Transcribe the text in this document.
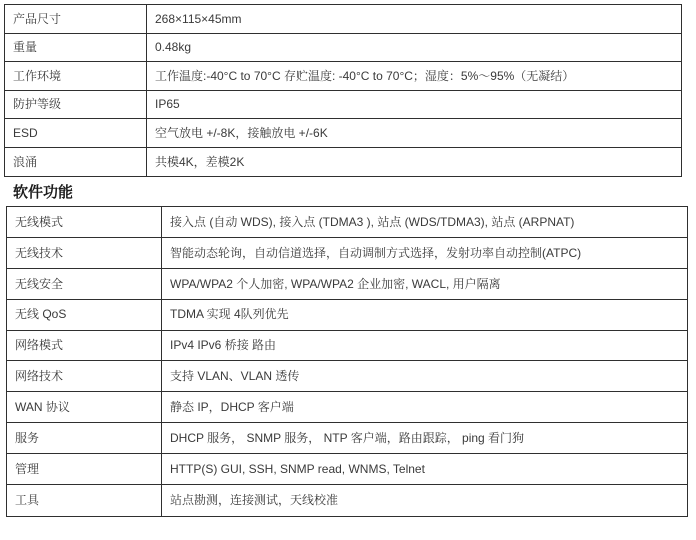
产品尺寸	268×115×45mm
重量	0.48kg
工作环境	工作温度:-40°C to 70°C 存贮温度: -40°C to 70°C；湿度：5%～95%（无凝结）
防护等级	IP65
ESD	空气放电 +/-8K，接触放电 +/-6K
浪涌	共模4K，差模2K
软件功能
无线模式	接入点 (自动 WDS), 接入点 (TDMA3 ), 站点 (WDS/TDMA3), 站点 (ARPNAT)
无线技术	智能动态轮询，自动信道选择，自动调制方式选择，发射功率自动控制(ATPC)
无线安全	WPA/WPA2 个人加密, WPA/WPA2 企业加密, WACL, 用户隔离
无线 QoS	TDMA 实现 4队列优先
网络模式	IPv4 IPv6 桥接 路由
网络技术	支持 VLAN、VLAN 透传
WAN 协议	静态 IP，DHCP 客户端
服务	DHCP 服务， SNMP 服务， NTP 客户端，路由跟踪， ping 看门狗
管理	HTTP(S) GUI, SSH, SNMP read, WNMS, Telnet
工具	站点勘测，连接测试，天线校准
